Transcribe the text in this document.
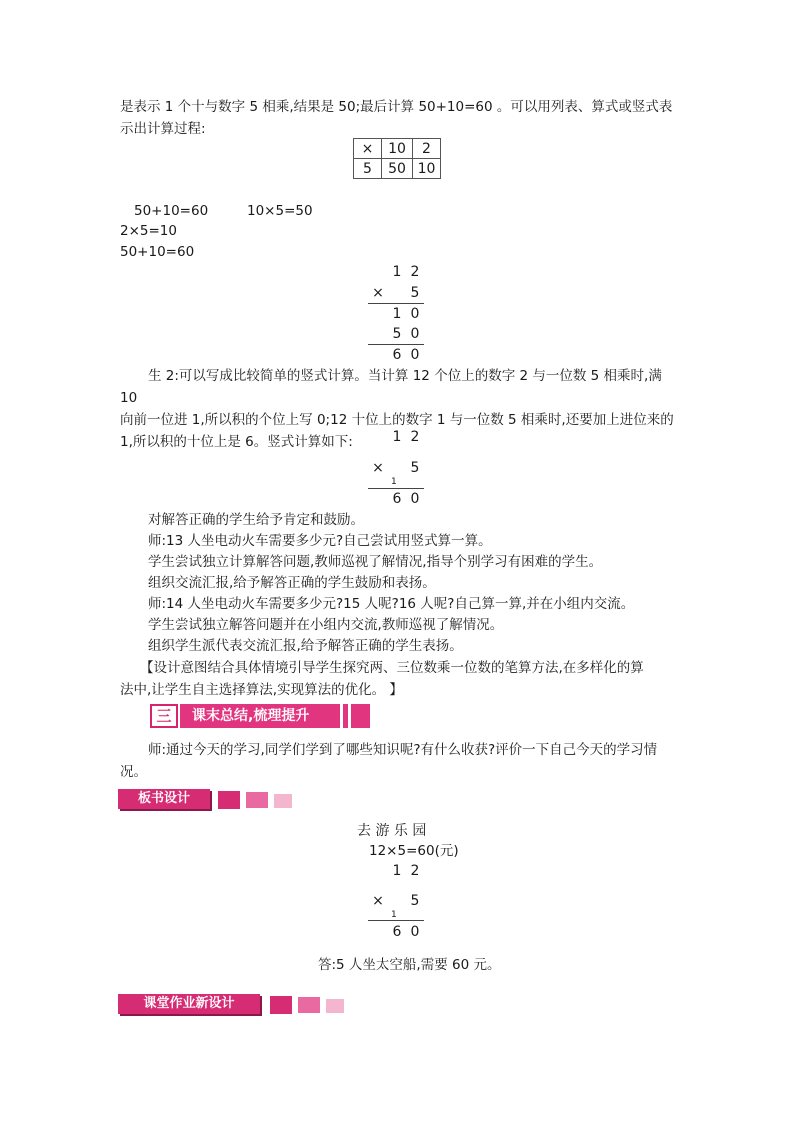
是表示 1 个十与数字 5 相乘,结果是 50;最后计算 50+10=60 。可以用列表、算式或竖式表
示出计算过程:
×	10	2
5	50	10
50+10=60	10×5=50
2×5=10
50+10=60
1 2
×	5
1 0
5 0
6 0
生 2:可以写成比较简单的竖式计算。当计算 12 个位上的数字 2 与一位数 5 相乘时,满 10
向前一位进 1,所以积的个位上写 0;12 十位上的数字 1 与一位数 5 相乘时,还要加上进位来的
1,所以积的十位上是 6。竖式计算如下:	1 2
×	5
1
6 0
对解答正确的学生给予肯定和鼓励。
师:13 人坐电动火车需要多少元?自己尝试用竖式算一算。
学生尝试独立计算解答问题,教师巡视了解情况,指导个别学习有困难的学生。
组织交流汇报,给予解答正确的学生鼓励和表扬。
师:14 人坐电动火车需要多少元?15 人呢?16 人呢?自己算一算,并在小组内交流。
学生尝试独立解答问题并在小组内交流,教师巡视了解情况。
组织学生派代表交流汇报,给予解答正确的学生表扬。
【设计意图结合具体情境引导学生探究两、三位数乘一位数的笔算方法,在多样化的算
法中,让学生自主选择算法,实现算法的优化。 】
三	课末总结,梳理提升
师:通过今天的学习,同学们学到了哪些知识呢?有什么收获?评价一下自己今天的学习情
况。
板书设计
去 游 乐 园
12×5=60(元)
1 2
×	5
1
6 0
答:5 人坐太空船,需要 60 元。
课堂作业新设计
